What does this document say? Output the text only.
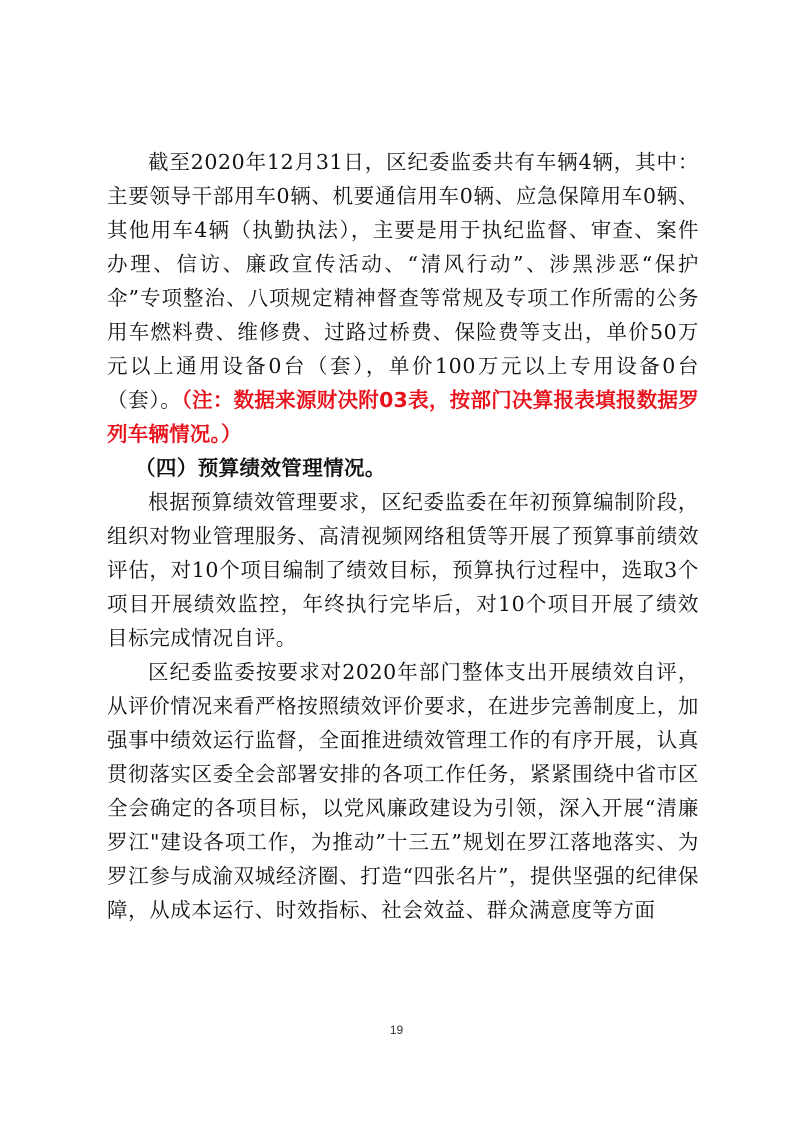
截至2020年12月31日，区纪委监委共有车辆4辆，其中：主要领导干部用车0辆、机要通信用车0辆、应急保障用车0辆、其他用车4辆（执勤执法），主要是用于执纪监督、审查、案件办理、信访、廉政宣传活动、“清风行动”、涉黑涉恶“保护伞”专项整治、八项规定精神督查等常规及专项工作所需的公务用车燃料费、维修费、过路过桥费、保险费等支出，单价50万元以上通用设备0台（套），单价100万元以上专用设备0台（套）。（注：数据来源财决附03表，按部门决算报表填报数据罗列车辆情况。）

（四）预算绩效管理情况。

根据预算绩效管理要求，区纪委监委在年初预算编制阶段，组织对物业管理服务、高清视频网络租赁等开展了预算事前绩效评估，对10个项目编制了绩效目标，预算执行过程中，选取3个项目开展绩效监控，年终执行完毕后，对10个项目开展了绩效目标完成情况自评。

区纪委监委按要求对2020年部门整体支出开展绩效自评，从评价情况来看严格按照绩效评价要求，在进步完善制度上，加强事中绩效运行监督，全面推进绩效管理工作的有序开展，认真贯彻落实区委全会部署安排的各项工作任务，紧紧围绕中省市区全会确定的各项目标，以党风廉政建设为引领，深入开展“清廉罗江"建设各项工作，为推动”十三五”规划在罗江落地落实、为罗江参与成渝双城经济圈、打造“四张名片”，提供坚强的纪律保障，从成本运行、时效指标、社会效益、群众满意度等方面

19
